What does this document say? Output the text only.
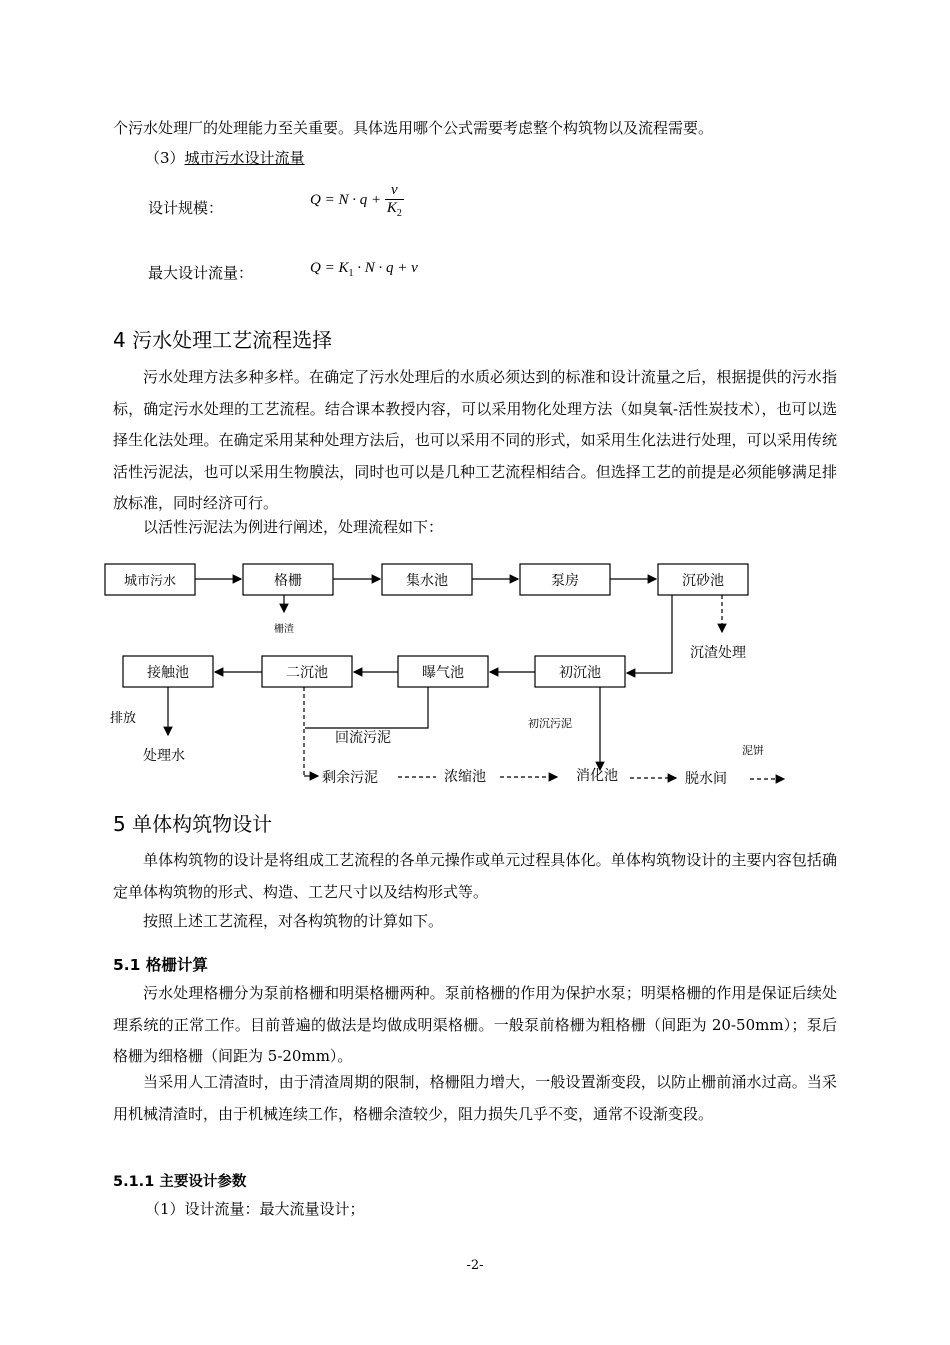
个污水处理厂的处理能力至关重要。具体选用哪个公式需要考虑整个构筑物以及流程需要。

（3）城市污水设计流量

设计规模：	$Q = N \cdot q + \frac{v}{K_2}$
最大设计流量：	$Q = K_1 \cdot N \cdot q + v$
4 污水处理工艺流程选择

污水处理方法多种多样。在确定了污水处理后的水质必须达到的标准和设计流量之后，根据提供的污水指标，确定污水处理的工艺流程。结合课本教授内容，可以采用物化处理方法（如臭氧-活性炭技术），也可以选择生化法处理。在确定采用某种处理方法后，也可以采用不同的形式，如采用生化法进行处理，可以采用传统活性污泥法，也可以采用生物膜法，同时也可以是几种工艺流程相结合。但选择工艺的前提是必须能够满足排放标准，同时经济可行。

以活性污泥法为例进行阐述，处理流程如下：

城市污水	格栅	集水池	泵房	沉砂池
栅渣
沉渣处理
初沉池
曝气池
二沉池
接触池
排放
处理水
回流污泥
初沉污泥
剩余污泥	浓缩池	消化池	脱水间
泥饼
5 单体构筑物设计

单体构筑物的设计是将组成工艺流程的各单元操作或单元过程具体化。单体构筑物设计的主要内容包括确定单体构筑物的形式、构造、工艺尺寸以及结构形式等。

按照上述工艺流程，对各构筑物的计算如下。

5.1 格栅计算

污水处理格栅分为泵前格栅和明渠格栅两种。泵前格栅的作用为保护水泵；明渠格栅的作用是保证后续处理系统的正常工作。目前普遍的做法是均做成明渠格栅。一般泵前格栅为粗格栅（间距为 20-50mm）；泵后格栅为细格栅（间距为 5-20mm）。

当采用人工清渣时，由于清渣周期的限制，格栅阻力增大，一般设置渐变段，以防止栅前涌水过高。当采用机械清渣时，由于机械连续工作，格栅余渣较少，阻力损失几乎不变，通常不设渐变段。

5.1.1 主要设计参数

（1）设计流量：最大流量设计；

-2-
